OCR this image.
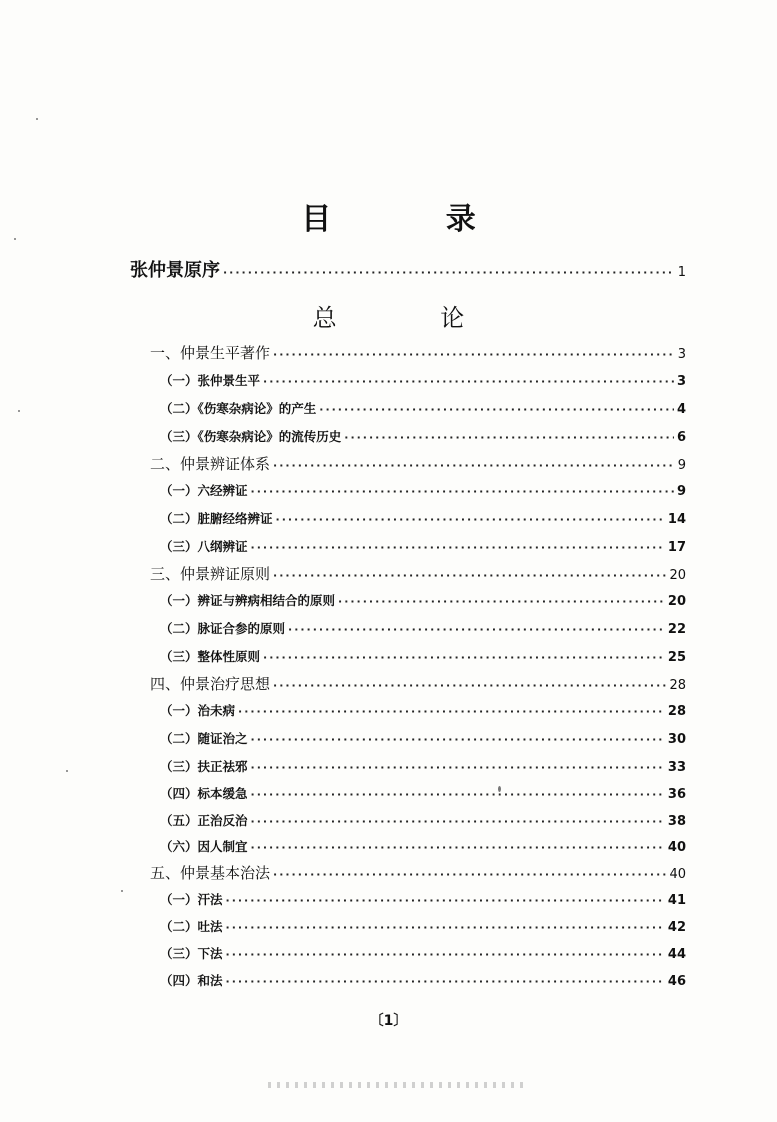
目 录
张仲景原序 ·····	1
总 论
一、仲景生平著作 ·····	3
（一）张仲景生平 ·····	3
（二）《伤寒杂病论》的产生 ·····	4
（三）《伤寒杂病论》的流传历史 ·····	6
二、仲景辨证体系 ·····	9
（一）六经辨证 ·····	9
（二）脏腑经络辨证 ·····	14
（三）八纲辨证 ·····	17
三、仲景辨证原则 ·····	20
（一）辨证与辨病相结合的原则 ·····	20
（二）脉证合参的原则 ·····	22
（三）整体性原则 ·····	25
四、仲景治疗思想 ·····	28
（一）治未病 ·····	28
（二）随证治之 ·····	30
（三）扶正祛邪 ·····	33
（四）标本缓急 ·····	36
（五）正治反治 ·····	38
（六）因人制宜 ·····	40
五、仲景基本治法 ·····	40
（一）汗法 ·····	41
（二）吐法 ·····	42
（三）下法 ·····	44
（四）和法 ·····	46
〔1〕
